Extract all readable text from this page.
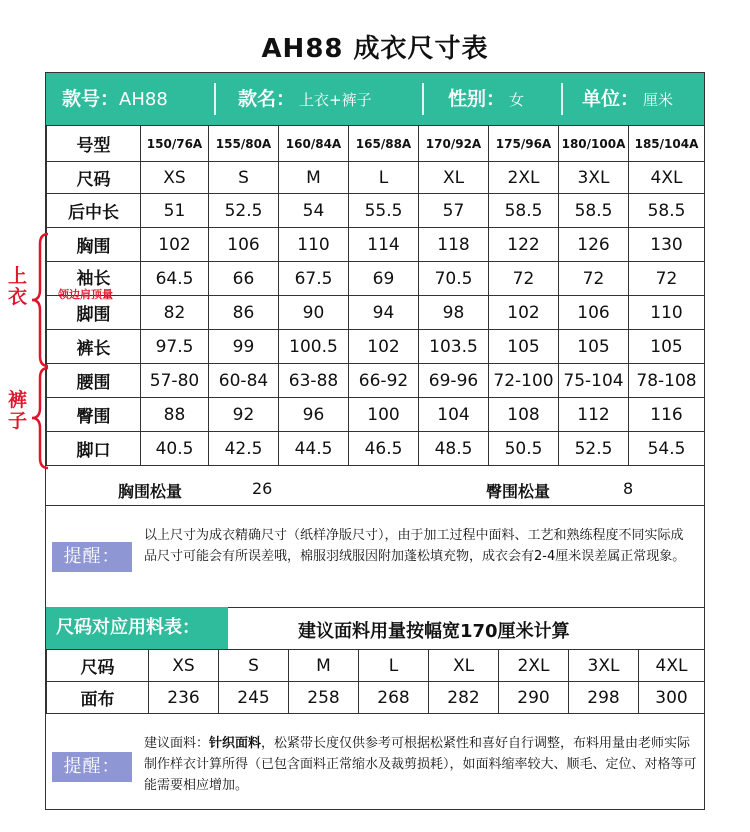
AH88 成衣尺寸表
款号：AH88	款名： 上衣+裤子	性别： 女	单位： 厘米
号型	150/76A	155/80A	160/84A	165/88A	170/92A	175/96A	180/100A	185/104A
尺码	XS	S	M	L	XL	2XL	3XL	4XL
后中长	51	52.5	54	55.5	57	58.5	58.5	58.5
胸围	102	106	110	114	118	122	126	130
袖长	64.5	66	67.5	69	70.5	72	72	72
脚围	82	86	90	94	98	102	106	110
裤长	97.5	99	100.5	102	103.5	105	105	105
腰围	57-80	60-84	63-88	66-92	69-96	72-100	75-104	78-108
臀围	88	92	96	100	104	108	112	116
脚口	40.5	42.5	44.5	46.5	48.5	50.5	52.5	54.5
胸围松量	26	臀围松量	8
提醒：
以上尺寸为成衣精确尺寸（纸样净版尺寸），由于加工过程中面料、工艺和熟练程度不同实际成品尺寸可能会有所误差哦，棉服羽绒服因附加蓬松填充物，成衣会有2-4厘米误差属正常现象。
尺码对应用料表：	建议面料用量按幅宽170厘米计算
尺码	XS	S	M	L	XL	2XL	3XL	4XL
面布	236	245	258	268	282	290	298	300
提醒：
建议面料：针织面料，松紧带长度仅供参考可根据松紧性和喜好自行调整，布料用量由老师实际制作样衣计算所得（已包含面料正常缩水及裁剪损耗），如面料缩率较大、顺毛、定位、对格等可能需要相应增加。
上衣	领边肩顶量
裤子
